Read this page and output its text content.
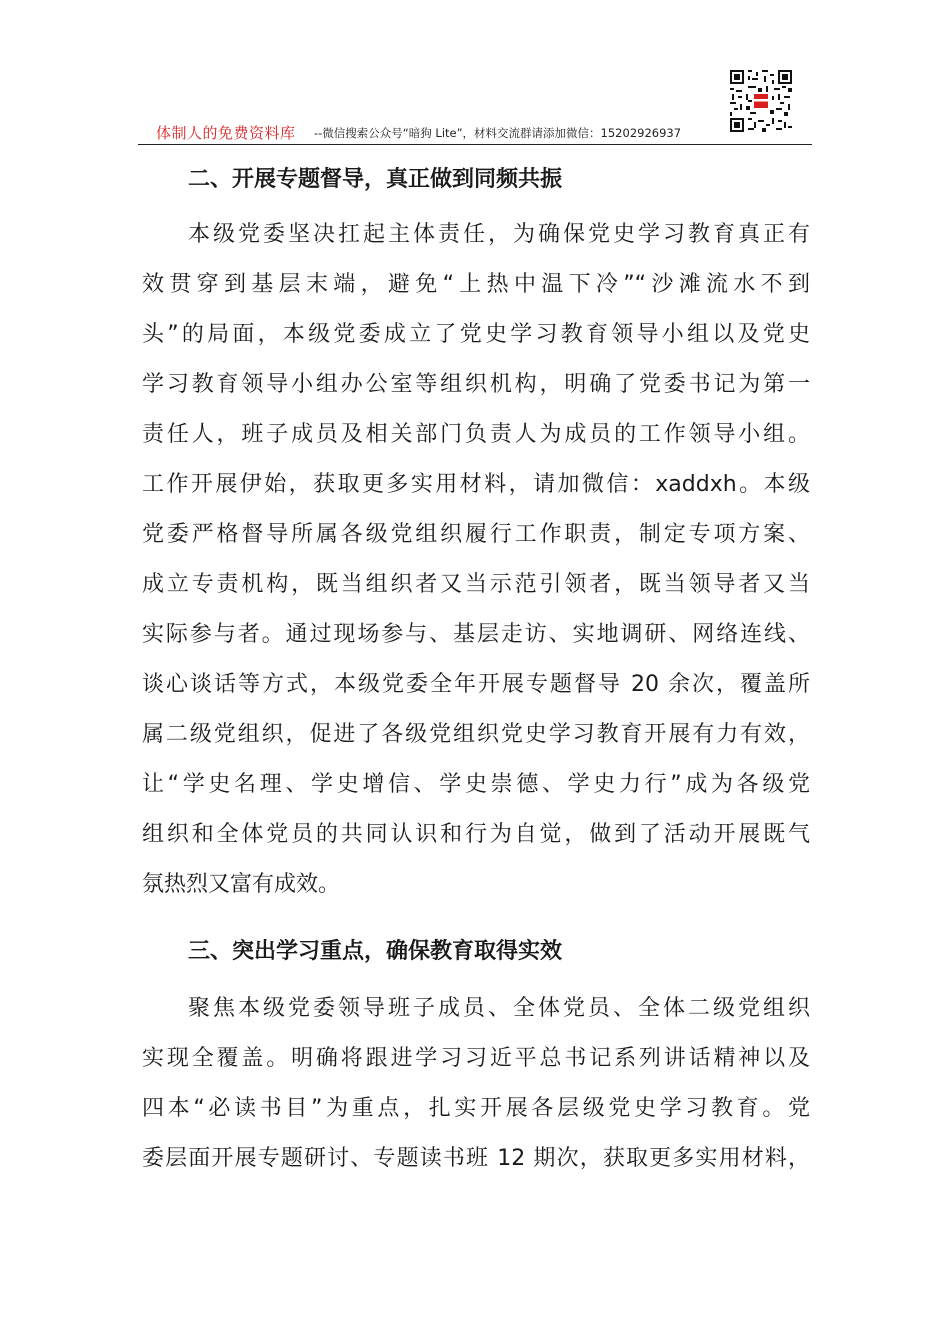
体制人的免费资料库 --微信搜索公众号“暗狗 Lite”，材料交流群请添加微信：15202926937
二、开展专题督导，真正做到同频共振
本级党委坚决扛起主体责任，为确保党史学习教育真正有
效贯穿到基层末端，避免“上热中温下冷”“沙滩流水不到
头”的局面，本级党委成立了党史学习教育领导小组以及党史
学习教育领导小组办公室等组织机构，明确了党委书记为第一
责任人，班子成员及相关部门负责人为成员的工作领导小组。
工作开展伊始，获取更多实用材料，请加微信：xaddxh。本级
党委严格督导所属各级党组织履行工作职责，制定专项方案、
成立专责机构，既当组织者又当示范引领者，既当领导者又当
实际参与者。通过现场参与、基层走访、实地调研、网络连线、
谈心谈话等方式，本级党委全年开展专题督导 20 余次，覆盖所
属二级党组织，促进了各级党组织党史学习教育开展有力有效，
让“学史名理、学史增信、学史崇德、学史力行”成为各级党
组织和全体党员的共同认识和行为自觉，做到了活动开展既气
氛热烈又富有成效。
三、突出学习重点，确保教育取得实效
聚焦本级党委领导班子成员、全体党员、全体二级党组织
实现全覆盖。明确将跟进学习习近平总书记系列讲话精神以及
四本“必读书目”为重点，扎实开展各层级党史学习教育。党
委层面开展专题研讨、专题读书班 12 期次，获取更多实用材料，
